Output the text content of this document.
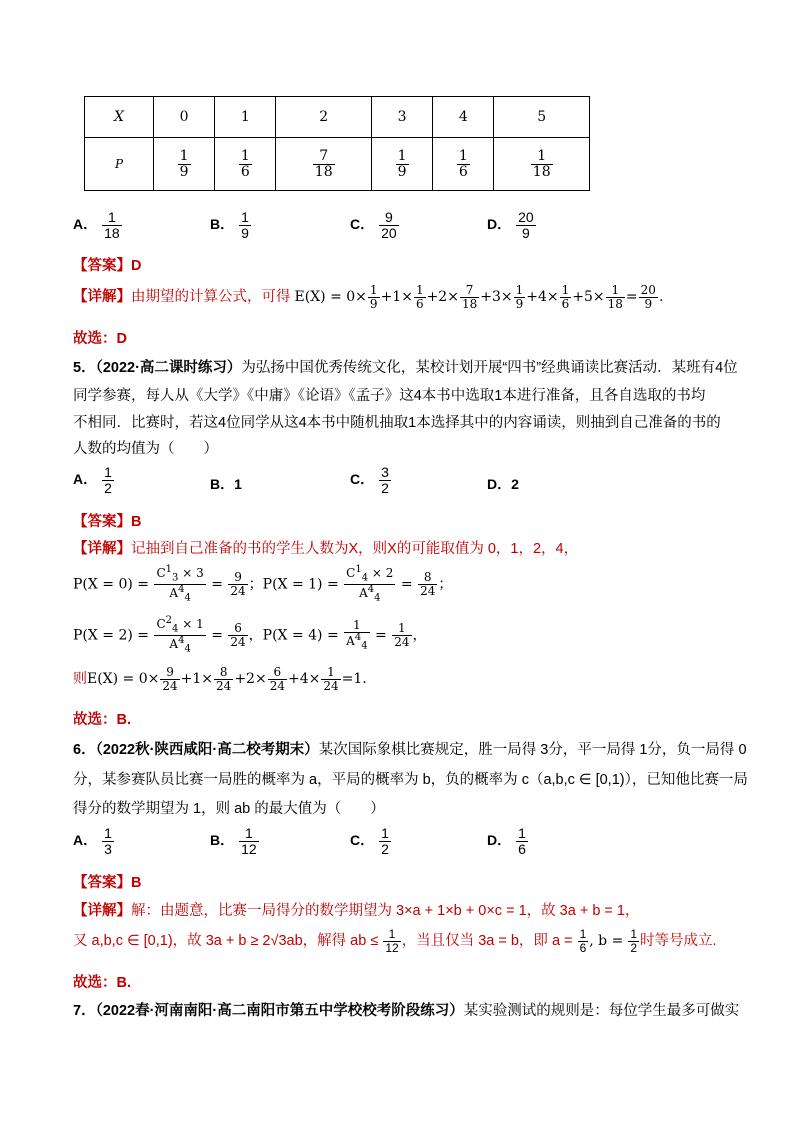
X	0	1	2	3	4	5
P	$\frac{1}{9}$	$\frac{1}{6}$	$\frac{7}{18}$	$\frac{1}{9}$	$\frac{1}{6}$	$\frac{1}{18}$
A． $\frac{1}{18}$	B． $\frac{1}{9}$	C． $\frac{9}{20}$	D． $\frac{20}{9}$
【答案】D
【详解】由期望的计算公式，可得 $E(X) = 0\times \frac{1}{9} +1\times \frac{1}{6} +2\times \frac{7}{18} +3\times \frac{1}{9} +4\times \frac{1}{6} +5\times \frac{1}{18} = \frac{20}{9}$ .
故选：D
5．（2022·高二课时练习）为弘扬中国优秀传统文化，某校计划开展“四书”经典诵读比赛活动．某班有4位
同学参赛，每人从《大学》《中庸》《论语》《孟子》这4本书中选取1本进行准备，且各自选取的书均
不相同．比赛时，若这4位同学从这4本书中随机抽取1本选择其中的内容诵读，则抽到自己准备的书的
人数的均值为（　　）
A． $\frac{1}{2}$	B．1	C． $\frac{3}{2}$	D．2
【答案】B
【详解】记抽到自己准备的书的学生人数为X，则X的可能取值为 0，1，2，4，
$P(X = 0) = \frac{C^1_3 \times 3}{A^4_4} = \frac{9}{24}$ ；$P(X = 1) = \frac{C^1_4 \times 2}{A^4_4} = \frac{8}{24}$ ；
$P(X = 2) = \frac{C^2_4 \times 1}{A^4_4} = \frac{6}{24}$ ，$P(X = 4) = \frac{1}{A^4_4} = \frac{1}{24}$ ，
则$E(X) = 0\times \frac{9}{24} +1\times \frac{8}{24} +2\times \frac{6}{24} +4\times \frac{1}{24} =1$.
故选：B.
6．（2022秋·陕西咸阳·高二校考期末）某次国际象棋比赛规定，胜一局得 3分，平一局得 1分，负一局得 0
分，某参赛队员比赛一局胜的概率为 a，平局的概率为 b，负的概率为 c（a,b,c ∈ [0,1)），已知他比赛一局
得分的数学期望为 1，则 ab 的最大值为（　　）
A． $\frac{1}{3}$	B． $\frac{1}{12}$	C． $\frac{1}{2}$	D． $\frac{1}{6}$
【答案】B
【详解】解：由题意，比赛一局得分的数学期望为 3×a + 1×b + 0×c = 1，故 3a + b = 1，
又 a,b,c ∈ [0,1)，故 3a + b ≥ 2√3ab，解得 ab ≤ $\frac{1}{12}$ ，当且仅当 3a = b，即 $a = \frac{1}{6}$ , $b = \frac{1}{2}$ 时等号成立.
故选：B.
7．（2022春·河南南阳·高二南阳市第五中学校校考阶段练习）某实验测试的规则是：每位学生最多可做实
